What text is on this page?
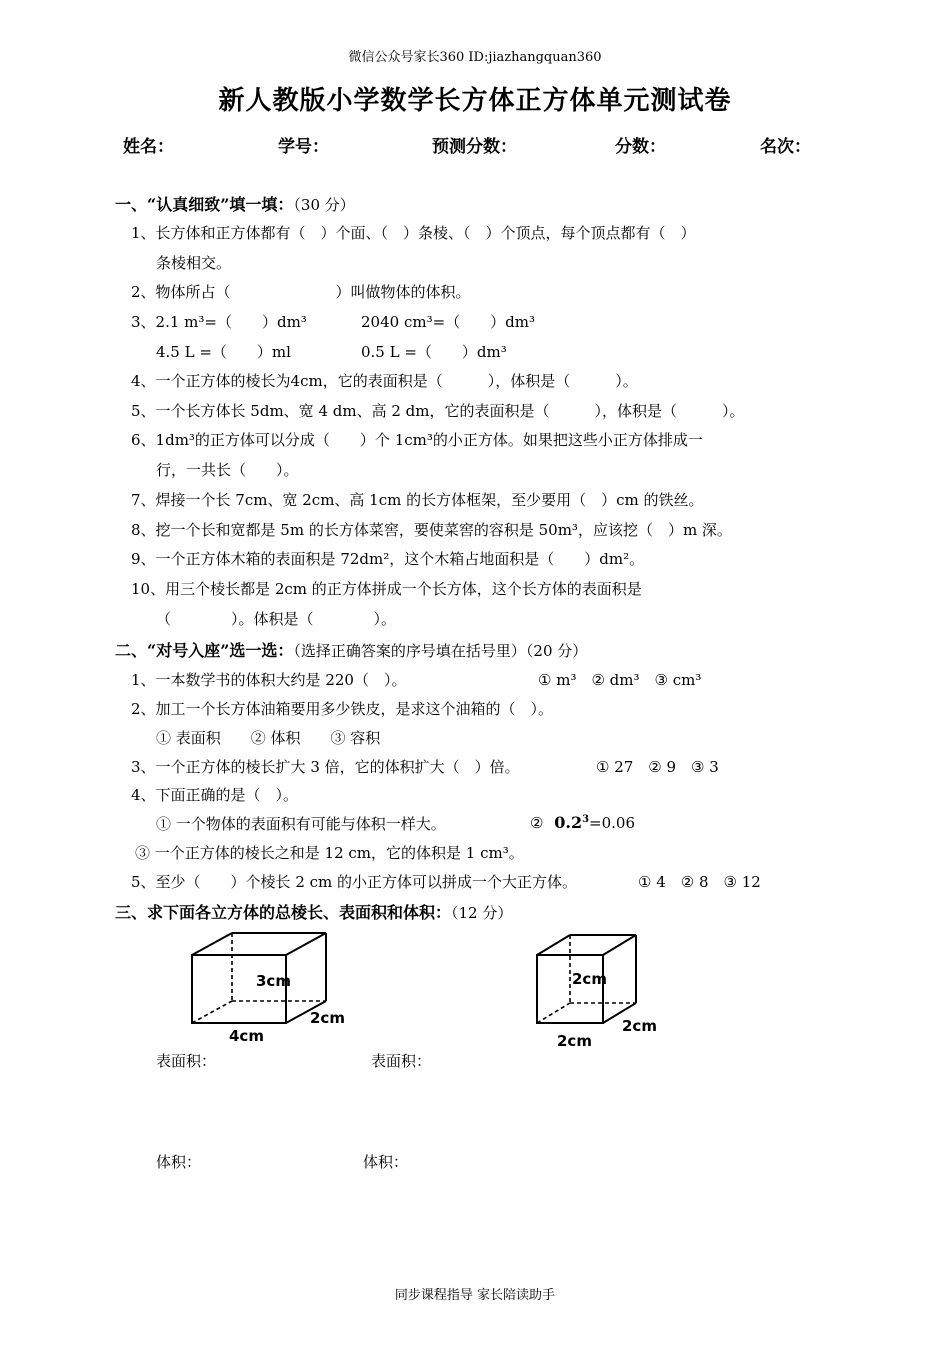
微信公众号家长360 ID:jiazhangquan360
新人教版小学数学长方体正方体单元测试卷
姓名：	学号：	预测分数：	分数：	名次：
一、“认真细致”填一填：（30 分）
1、长方体和正方体都有（　）个面、（　）条棱、（　）个顶点，每个顶点都有（　）
条棱相交。
2、物体所占（　　　　　　　）叫做物体的体积。
3、2.1 m³=（　　）dm³	2040 cm³=（　　）dm³
4.5 L =（　　）ml	0.5 L =（　　）dm³
4、一个正方体的棱长为4cm，它的表面积是（　　　），体积是（　　　）。
5、一个长方体长 5dm、宽 4 dm、高 2 dm，它的表面积是（　　　），体积是（　　　）。
6、1dm³的正方体可以分成（　　）个 1cm³的小正方体。如果把这些小正方体排成一
行，一共长（　　）。
7、焊接一个长 7cm、宽 2cm、高 1cm 的长方体框架，至少要用（　）cm 的铁丝。
8、挖一个长和宽都是 5m 的长方体菜窖，要使菜窖的容积是 50m³，应该挖（　）m 深。
9、一个正方体木箱的表面积是 72dm²，这个木箱占地面积是（　　）dm²。
10、用三个棱长都是 2cm 的正方体拼成一个长方体，这个长方体的表面积是
（　　　　）。体积是（　　　　）。
二、“对号入座”选一选：（选择正确答案的序号填在括号里）（20 分）
1、一本数学书的体积大约是 220（　）。	① m³　② dm³　③ cm³
2、加工一个长方体油箱要用多少铁皮，是求这个油箱的（　）。
① 表面积　　② 体积　　③ 容积
3、一个正方体的棱长扩大 3 倍，它的体积扩大（　）倍。	① 27　② 9　③ 3
4、下面正确的是（　）。
① 一个物体的表面积有可能与体积一样大。	② $0.2^3=0.06$
③ 一个正方体的棱长之和是 12 cm，它的体积是 1 cm³。
5、至少（　　）个棱长 2 cm 的小正方体可以拼成一个大正方体。	① 4　② 8　③ 12
三、求下面各立方体的总棱长、表面积和体积：（12 分）
3cm
2cm
4cm
2cm
2cm
2cm
表面积：	表面积：
体积：	体积：
同步课程指导 家长陪读助手
